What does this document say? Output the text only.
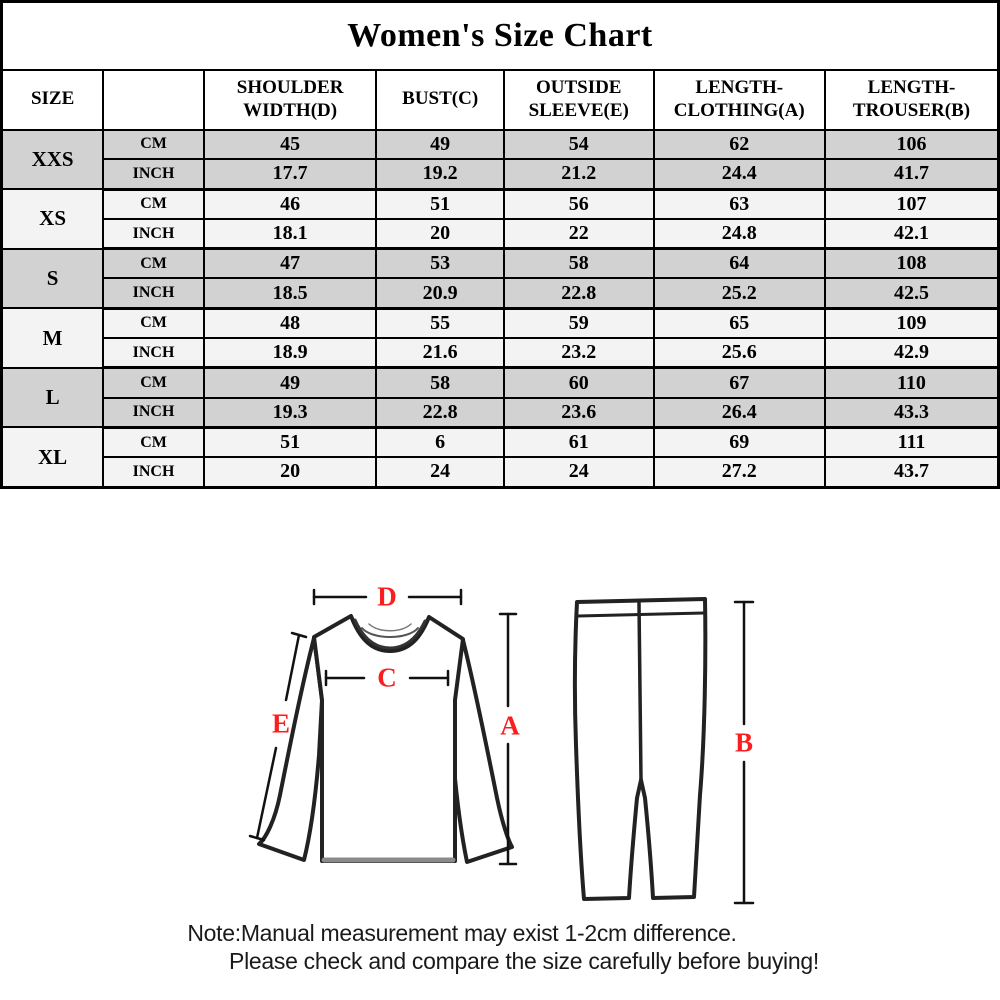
Women's Size Chart						
SIZE		SHOULDER WIDTH(D)	BUST(C)	OUTSIDE SLEEVE(E)	LENGTH-CLOTHING(A)	LENGTH-TROUSER(B)
XXS	CM	45	49	54	62	106
	INCH	17.7	19.2	21.2	24.4	41.7
XS	CM	46	51	56	63	107
	INCH	18.1	20	22	24.8	42.1
S	CM	47	53	58	64	108
	INCH	18.5	20.9	22.8	25.2	42.5
M	CM	48	55	59	65	109
	INCH	18.9	21.6	23.2	25.6	42.9
L	CM	49	58	60	67	110
	INCH	19.3	22.8	23.6	26.4	43.3
XL	CM	51	6	61	69	111
	INCH	20	24	24	27.2	43.7
D
C
E	A
B
Note:Manual measurement may exist 1-2cm difference.
Please check and compare the size carefully before buying!
